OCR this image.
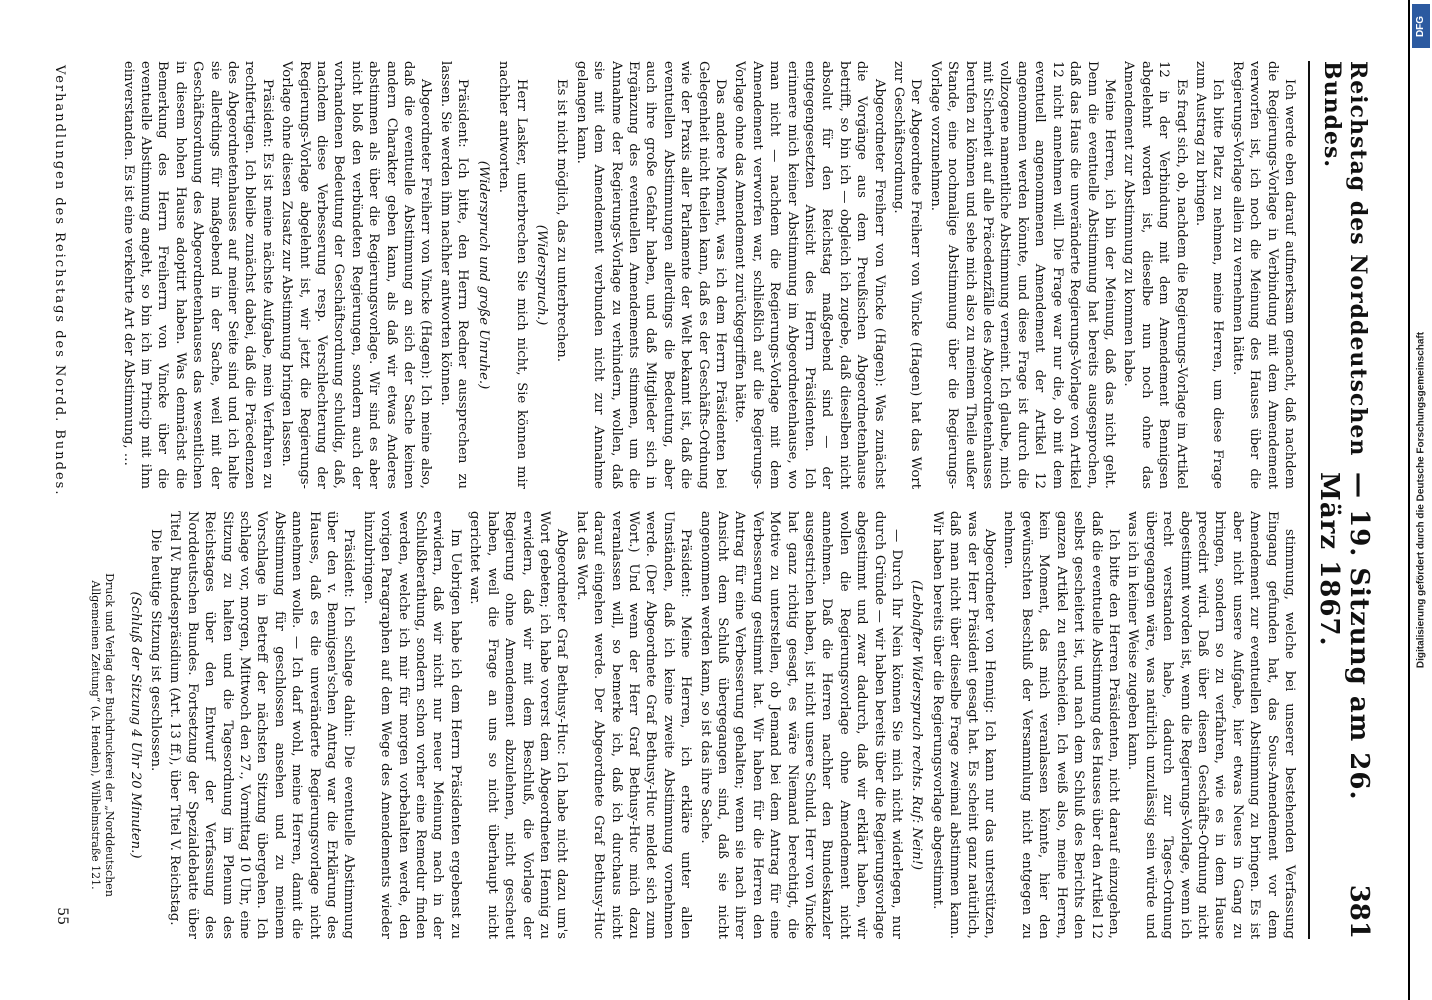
Reichstag des Norddeutschen Bundes.
— 19. Sitzung am 26. März 1867.
381

Ich werde eben darauf aufmerksam gemacht, daß nachdem die Regierungs-Vorlage in Verbindung mit dem Amendement verworfen ist, ich noch die Meinung des Hauses über die Regierungs-Vorlage allein zu vernehmen hätte.

Ich bitte Platz zu nehmen, meine Herren, um diese Frage zum Austrag zu bringen.

Es fragt sich, ob, nachdem die Regierungs-Vorlage im Artikel 12 in der Verbindung mit dem Amendement Bennigsen abgelehnt worden ist, dieselbe nun noch ohne das Amendement zur Abstimmung zu kommen habe.

Meine Herren, ich bin der Meinung, daß das nicht geht. Denn die eventuelle Abstimmung hat bereits ausgesprochen, daß das Haus die unveränderte Regierungs-Vorlage von Artikel 12 nicht annehmen will. Die Frage war nur die, ob mit dem eventuell angenommenen Amendement der Artikel 12 angenommen werden könnte, und diese Frage ist durch die vollzogene namentliche Abstimmung verneint. Ich glaube, mich mit Sicherheit auf alle Präcedenzfälle des Abgeordnetenhauses berufen zu können und sehe mich also zu meinem Theile außer Stande, eine nochmalige Abstimmung über die Regierungs-Vorlage vorzunehmen.

Der Abgeordnete Freiherr von Vincke (Hagen) hat das Wort zur Geschäftsordnung.

Abgeordneter Freiherr von Vincke (Hagen): Was zunächst die Vorgänge aus dem Preußischen Abgeordnetenhause betrifft, so bin ich — obgleich ich zugebe, daß dieselben nicht absolut für den Reichstag maßgebend sind — der entgegengesetzten Ansicht des Herrn Präsidenten. Ich erinnere mich keiner Abstimmung im Abgeordnetenhause, wo man nicht — nachdem die Regierungs-Vorlage mit dem Amendement verworfen war, schließlich auf die Regierungs-Vorlage ohne das Amendement zurückgegriffen hätte.

Das andere Moment, was ich dem Herrn Präsidenten bei Gelegenheit nicht theilen kann, daß es der Geschäfts-Ordnung wie der Praxis aller Parlamente der Welt bekannt ist, daß die eventuellen Abstimmungen allerdings die Bedeutung, aber auch ihre große Gefahr haben, und daß Mitglieder sich in Ergänzung des eventuellen Amendements stimmen, um die Annahme der Regierungs-Vorlage zu verhindern, wollen, daß sie mit dem Amendement verbunden nicht zur Annahme gelangen kann.

Es ist nicht möglich, das zu unterbrechen.

(Widerspruch.)

Herr Lasker, unterbrechen Sie mich nicht, Sie können mir nachher antworten.

(Widerspruch und große Unruhe.)

Präsident: Ich bitte, den Herrn Redner aussprechen zu lassen. Sie werden ihm nachher antworten können.

Abgeordneter Freiherr von Vincke (Hagen): Ich meine also, daß die eventuelle Abstimmung an sich der Sache keinen andern Charakter geben kann, als daß wir etwas Anderes abstimmen als über die Regierungsvorlage. Wir sind es aber nicht bloß den verbündeten Regierungen, sondern auch der vorhandenen Bedeutung der Geschäftsordnung schuldig, daß, nachdem diese Verbesserung resp. Verschlechterung der Regierungs-Vorlage abgelehnt ist, wir jetzt die Regierungs-Vorlage ohne diesen Zusatz zur Abstimmung bringen lassen.

Präsident: Es ist meine nächste Aufgabe, mein Verfahren zu rechtfertigen. Ich bleibe zunächst dabei, daß die Präcedenzen des Abgeordnetenhauses auf meiner Seite sind und ich halte sie allerdings für maßgebend in der Sache, weil mit der Geschäftsordnung des Abgeordnetenhauses das wesentlichen in diesem hohen Hause adoptirt haben. Was demnächst die Bemerkung des Herrn Freiherrn von Vincke über die eventuelle Abstimmung angeht, so bin ich im Princip mit ihm einverstanden. Es ist eine verkehrte Art der Abstimmung, …

stimmung, welche bei unserer bestehenden Verfassung Eingang gefunden hat, das Sous-Amendement vor dem Amendement zur eventuellen Abstimmung zu bringen. Es ist aber nicht unsere Aufgabe, hier etwas Neues in Gang zu bringen, sondern so zu verfahren, wie es in dem Hause precedirt wird. Daß über diesen Geschäfts-Ordnung nicht abgestimmt worden ist, wenn die Regierungs-Vorlage, wenn ich recht verstanden habe, dadurch zur Tages-Ordnung übergegangen wäre, was natürlich unzulässig sein würde und was ich in keiner Weise zugeben kann.

Ich bitte den Herren Präsidenten, nicht darauf einzugehen, daß die eventuelle Abstimmung des Hauses über den Artikel 12 selbst gescheitert ist, und nach dem Schluß des Berichts den ganzen Artikel zu entscheiden. Ich weiß also, meine Herren, kein Moment, das mich veranlassen könnte, hier den gewünschten Beschluß der Versammlung nicht entgegen zu nehmen.

Abgeordneter von Hennig: Ich kann nur das unterstützen, was der Herr Präsident gesagt hat. Es scheint ganz natürlich, daß man nicht über dieselbe Frage zweimal abstimmen kann. Wir haben bereits über die Regierungsvorlage abgestimmt.

(Lebhafter Widerspruch rechts. Ruf: Nein!)

— Durch Ihr Nein können Sie mich nicht widerlegen, nur durch Gründe — wir haben bereits über die Regierungsvorlage abgestimmt und zwar dadurch, daß wir erklärt haben, wir wollen die Regierungsvorlage ohne Amendement nicht annehmen. Daß die Herren nachher den Bundeskanzler ausgestrichen haben, ist nicht unsere Schuld. Herr von Vincke hat ganz richtig gesagt, es wäre Niemand berechtigt, die Motive zu unterstellen, ob Jemand bei dem Antrag für eine Verbesserung gestimmt hat. Wir haben für die Herren den Antrag für eine Verbesserung gehalten; wenn sie nach ihrer Ansicht dem Schluß übergegangen sind, daß sie nicht angenommen werden kann, so ist das ihre Sache.

Präsident: Meine Herren, ich erkläre unter allen Umständen, daß ich keine zweite Abstimmung vornehmen werde. (Der Abgeordnete Graf Bethusy-Huc meldet sich zum Wort.) Und wenn der Herr Graf Bethusy-Huc mich dazu veranlassen will, so bemerke ich, daß ich durchaus nicht darauf eingehen werde. Der Abgeordnete Graf Bethusy-Huc hat das Wort.

Abgeordneter Graf Bethusy-Huc: Ich habe nicht dazu um's Wort gebeten; ich habe vorerst dem Abgeordneten Hennig zu erwidern, daß wir mit dem Beschluß, die Vorlage der Regierung ohne Amendement abzulehnen, nicht gescheut haben, weil die Frage an uns so nicht überhaupt nicht gerichtet war.

Im Uebrigen habe ich dem Herrn Präsidenten ergebenst zu erwidern, daß wir nicht nur neuer Meinung nach in der Schlußberathung, sondern schon vorher eine Remedur finden werden, welche ich mir für morgen vorbehalten werde, den vorigen Paragraphen auf dem Wege des Amendements wieder hinzubringen.

Präsident: Ich schlage dahin: Die eventuelle Abstimmung über den v. Bennigsen'schen Antrag war die Erklärung des Hauses, daß es die unveränderte Regierungsvorlage nicht annehmen wolle. — Ich darf wohl, meine Herren, damit die Abstimmung für geschlossen ansehen und zu meinem Vorschlage in Betreff der nächsten Sitzung übergehen. Ich schlage vor, morgen, Mittwoch den 27., Vormittag 10 Uhr, eine Sitzung zu halten und die Tagesordnung im Plenum des Reichstages über den Entwurf der Verfassung des Norddeutschen Bundes. Fortsetzung der Spezialdebatte über Titel IV. Bundespräsidium (Art. 13 ff.), über Titel V. Reichstag.

Die heutige Sitzung ist geschlossen.

(Schluß der Sitzung 4 Uhr 20 Minuten.)

Verhandlungen des Reichstags des Nordd. Bundes.
Druck und Verlag der Buchdruckerei der „Norddeutschen Allgemeinen Zeitung“ (A. Henden), Wilhelmstraße 121.
55
Digitalisierung gefördert durch die Deutsche Forschungsgemeinschaft
DFG
